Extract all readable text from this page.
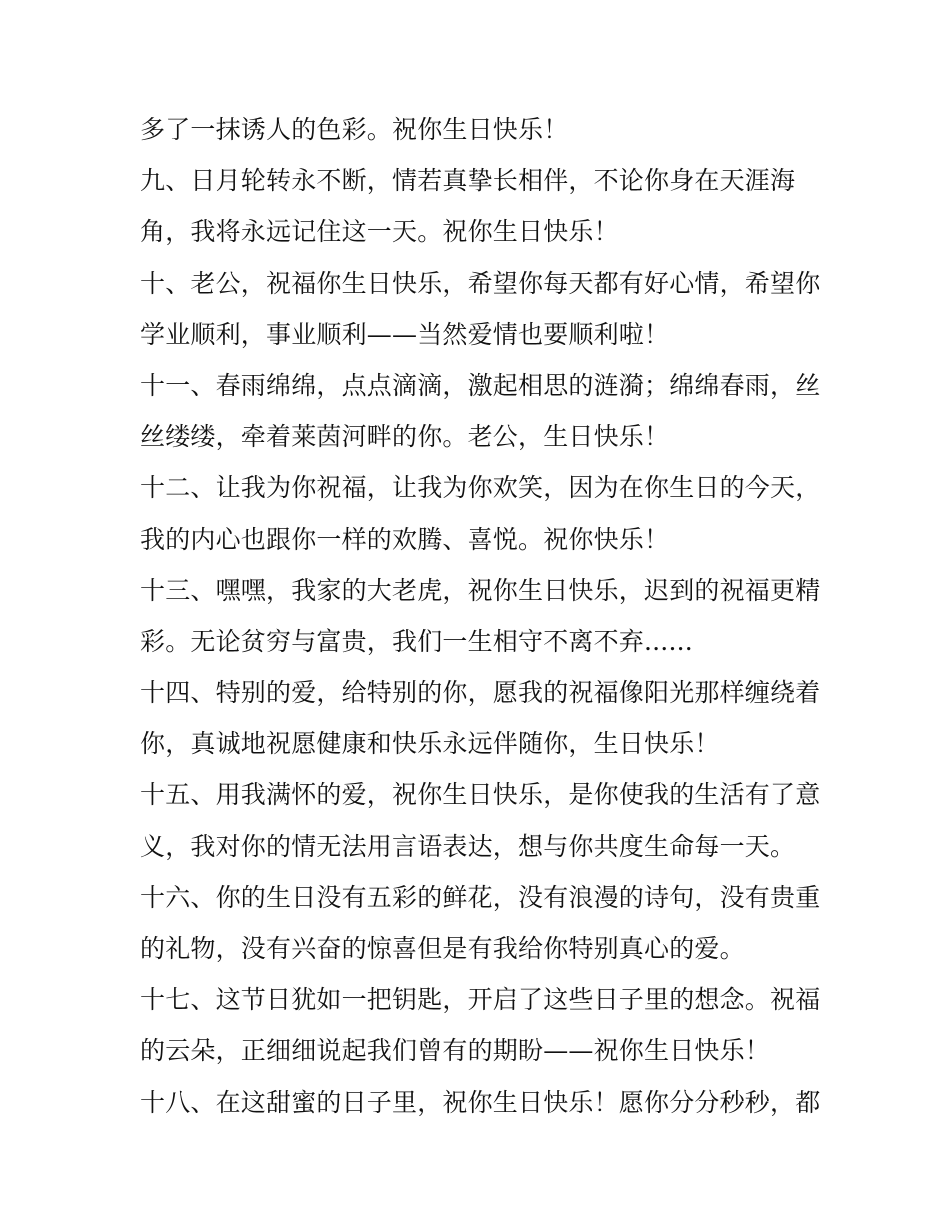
多了一抹诱人的色彩。祝你生日快乐！
九、日月轮转永不断，情若真挚长相伴，不论你身在天涯海
角，我将永远记住这一天。祝你生日快乐！
十、老公，祝福你生日快乐，希望你每天都有好心情，希望你
学业顺利，事业顺利——当然爱情也要顺利啦！
十一、春雨绵绵，点点滴滴，激起相思的涟漪；绵绵春雨，丝
丝缕缕，牵着莱茵河畔的你。老公，生日快乐！
十二、让我为你祝福，让我为你欢笑，因为在你生日的今天，
我的内心也跟你一样的欢腾、喜悦。祝你快乐！
十三、嘿嘿，我家的大老虎，祝你生日快乐，迟到的祝福更精
彩。无论贫穷与富贵，我们一生相守不离不弃......
十四、特别的爱，给特别的你，愿我的祝福像阳光那样缠绕着
你，真诚地祝愿健康和快乐永远伴随你，生日快乐！
十五、用我满怀的爱，祝你生日快乐，是你使我的生活有了意
义，我对你的情无法用言语表达，想与你共度生命每一天。
十六、你的生日没有五彩的鲜花，没有浪漫的诗句，没有贵重
的礼物，没有兴奋的惊喜但是有我给你特别真心的爱。
十七、这节日犹如一把钥匙，开启了这些日子里的想念。祝福
的云朵，正细细说起我们曾有的期盼——祝你生日快乐！
十八、在这甜蜜的日子里，祝你生日快乐！愿你分分秒秒，都
